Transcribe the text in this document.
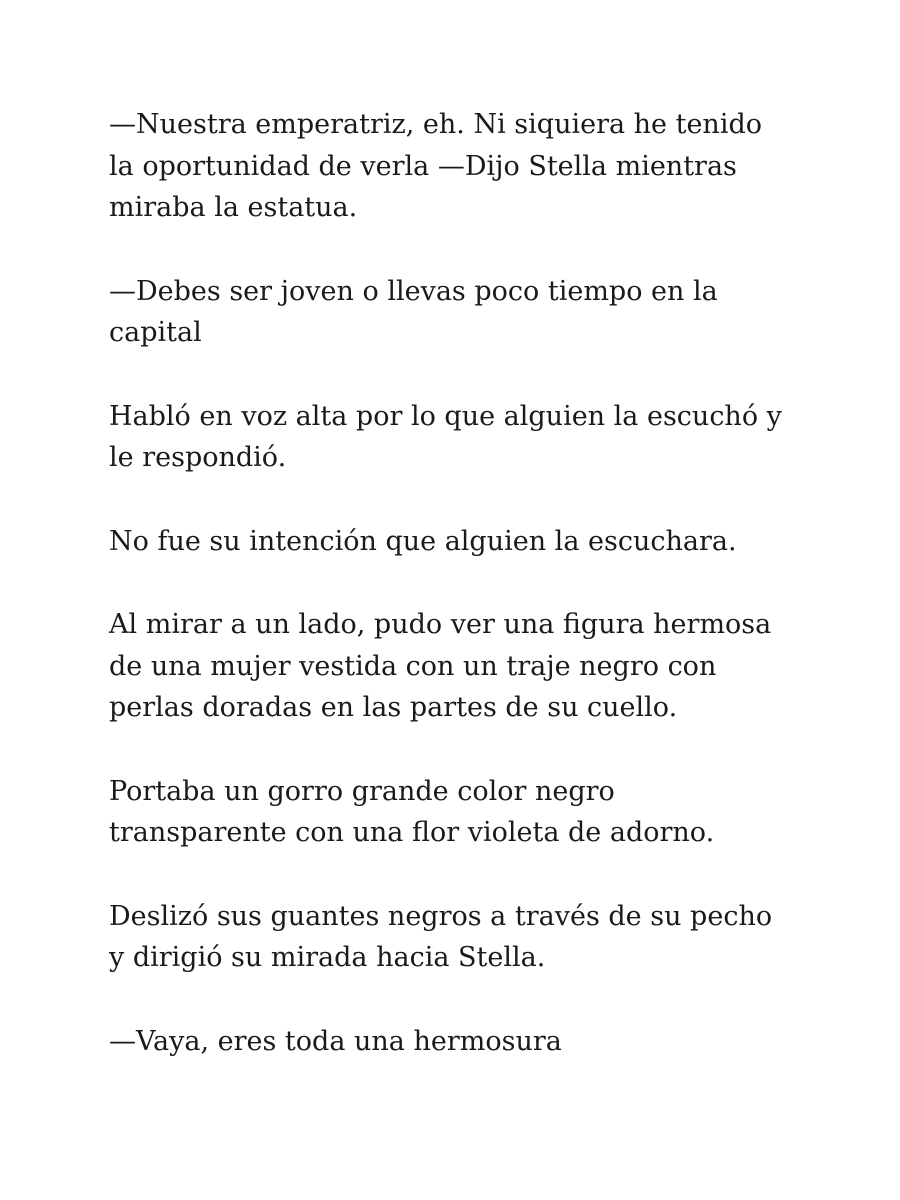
—Nuestra emperatriz, eh. Ni siquiera he tenido
la oportunidad de verla —Dijo Stella mientras
miraba la estatua.

—Debes ser joven o llevas poco tiempo en la
capital

Habló en voz alta por lo que alguien la escuchó y
le respondió.

No fue su intención que alguien la escuchara.

Al mirar a un lado, pudo ver una figura hermosa
de una mujer vestida con un traje negro con
perlas doradas en las partes de su cuello.

Portaba un gorro grande color negro
transparente con una flor violeta de adorno.

Deslizó sus guantes negros a través de su pecho
y dirigió su mirada hacia Stella.

—Vaya, eres toda una hermosura
